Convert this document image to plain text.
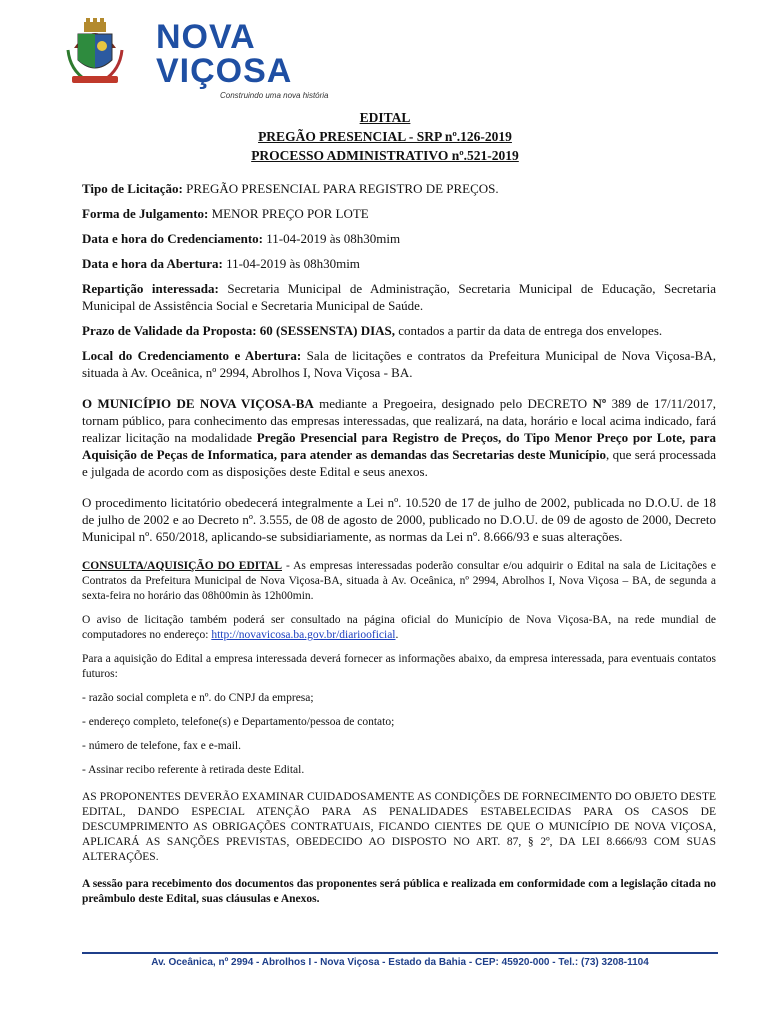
NOVA
VIÇOSA
Construindo uma nova história
EDITAL
PREGÃO PRESENCIAL - SRP nº.126-2019
PROCESSO ADMINISTRATIVO nº.521-2019

Tipo de Licitação: PREGÃO PRESENCIAL PARA REGISTRO DE PREÇOS.

Forma de Julgamento: MENOR PREÇO POR LOTE

Data e hora do Credenciamento: 11-04-2019 às 08h30mim

Data e hora da Abertura: 11-04-2019 às 08h30mim

Repartição interessada: Secretaria Municipal de Administração, Secretaria Municipal de Educação, Secretaria Municipal de Assistência Social e Secretaria Municipal de Saúde.

Prazo de Validade da Proposta: 60 (SESSENSTA) DIAS, contados a partir da data de entrega dos envelopes.

Local do Credenciamento e Abertura: Sala de licitações e contratos da Prefeitura Municipal de Nova Viçosa-BA, situada à Av. Oceânica, nº 2994, Abrolhos I, Nova Viçosa - BA.

O MUNICÍPIO DE NOVA VIÇOSA-BA mediante a Pregoeira, designado pelo DECRETO Nº 389 de 17/11/2017, tornam público, para conhecimento das empresas interessadas, que realizará, na data, horário e local acima indicado, fará realizar licitação na modalidade Pregão Presencial para Registro de Preços, do Tipo Menor Preço por Lote, para Aquisição de Peças de Informatica, para atender as demandas das Secretarias deste Município, que será processada e julgada de acordo com as disposições deste Edital e seus anexos.

O procedimento licitatório obedecerá integralmente a Lei nº. 10.520 de 17 de julho de 2002, publicada no D.O.U. de 18 de julho de 2002 e ao Decreto nº. 3.555, de 08 de agosto de 2000, publicado no D.O.U. de 09 de agosto de 2000, Decreto Municipal nº. 650/2018, aplicando-se subsidiariamente, as normas da Lei nº. 8.666/93 e suas alterações.

CONSULTA/AQUISIÇÃO DO EDITAL - As empresas interessadas poderão consultar e/ou adquirir o Edital na sala de Licitações e Contratos da Prefeitura Municipal de Nova Viçosa-BA, situada à Av. Oceânica, nº 2994, Abrolhos I, Nova Viçosa – BA, de segunda a sexta-feira no horário das 08h00min às 12h00min.

O aviso de licitação também poderá ser consultado na página oficial do Município de Nova Viçosa-BA, na rede mundial de computadores no endereço: http://novavicosa.ba.gov.br/diariooficial.

Para a aquisição do Edital a empresa interessada deverá fornecer as informações abaixo, da empresa interessada, para eventuais contatos futuros:

- razão social completa e nº. do CNPJ da empresa;

- endereço completo, telefone(s) e Departamento/pessoa de contato;

- número de telefone, fax e e-mail.

- Assinar recibo referente à retirada deste Edital.

AS PROPONENTES DEVERÃO EXAMINAR CUIDADOSAMENTE AS CONDIÇÕES DE FORNECIMENTO DO OBJETO DESTE EDITAL, DANDO ESPECIAL ATENÇÃO PARA AS PENALIDADES ESTABELECIDAS PARA OS CASOS DE DESCUMPRIMENTO AS OBRIGAÇÕES CONTRATUAIS, FICANDO CIENTES DE QUE O MUNICÍPIO DE NOVA VIÇOSA, APLICARÁ AS SANÇÕES PREVISTAS, OBEDECIDO AO DISPOSTO NO ART. 87, § 2º, DA LEI 8.666/93 COM SUAS ALTERAÇÕES.

A sessão para recebimento dos documentos das proponentes será pública e realizada em conformidade com a legislação citada no preâmbulo deste Edital, suas cláusulas e Anexos.

Av. Oceânica, nº 2994 - Abrolhos I - Nova Viçosa - Estado da Bahia - CEP: 45920-000 - Tel.: (73) 3208-1104
